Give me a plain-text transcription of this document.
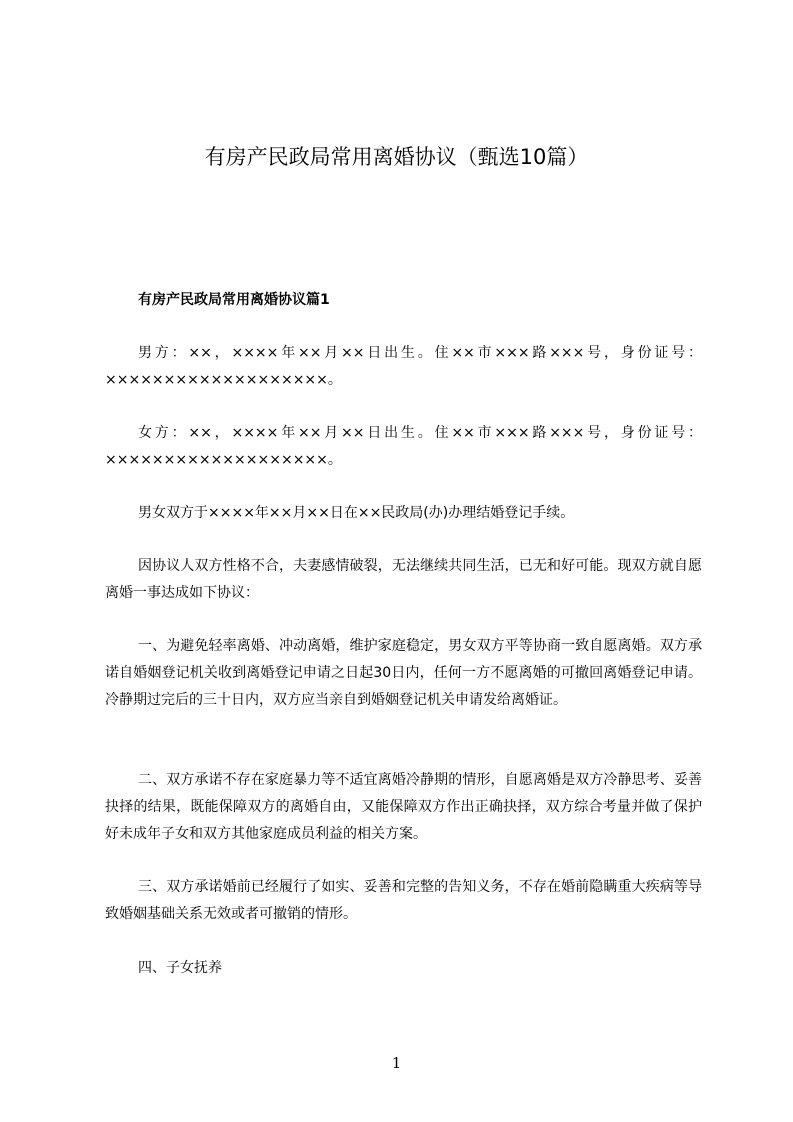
有房产民政局常用离婚协议（甄选10篇）
有房产民政局常用离婚协议篇1

男方：××，××××年××月××日出生。住××市×××路×××号，身份证号：×××××××××××××××××××。

女方：××，××××年××月××日出生。住××市×××路×××号，身份证号：×××××××××××××××××××。

男女双方于××××年××月××日在××民政局(办)办理结婚登记手续。

因协议人双方性格不合，夫妻感情破裂，无法继续共同生活，已无和好可能。现双方就自愿离婚一事达成如下协议：

一、为避免轻率离婚、冲动离婚，维护家庭稳定，男女双方平等协商一致自愿离婚。双方承诺自婚姻登记机关收到离婚登记申请之日起30日内，任何一方不愿离婚的可撤回离婚登记申请。冷静期过完后的三十日内，双方应当亲自到婚姻登记机关申请发给离婚证。

二、双方承诺不存在家庭暴力等不适宜离婚冷静期的情形，自愿离婚是双方冷静思考、妥善抉择的结果，既能保障双方的离婚自由，又能保障双方作出正确抉择，双方综合考量并做了保护好未成年子女和双方其他家庭成员利益的相关方案。

三、双方承诺婚前已经履行了如实、妥善和完整的告知义务，不存在婚前隐瞒重大疾病等导致婚姻基础关系无效或者可撤销的情形。

四、子女抚养

1
